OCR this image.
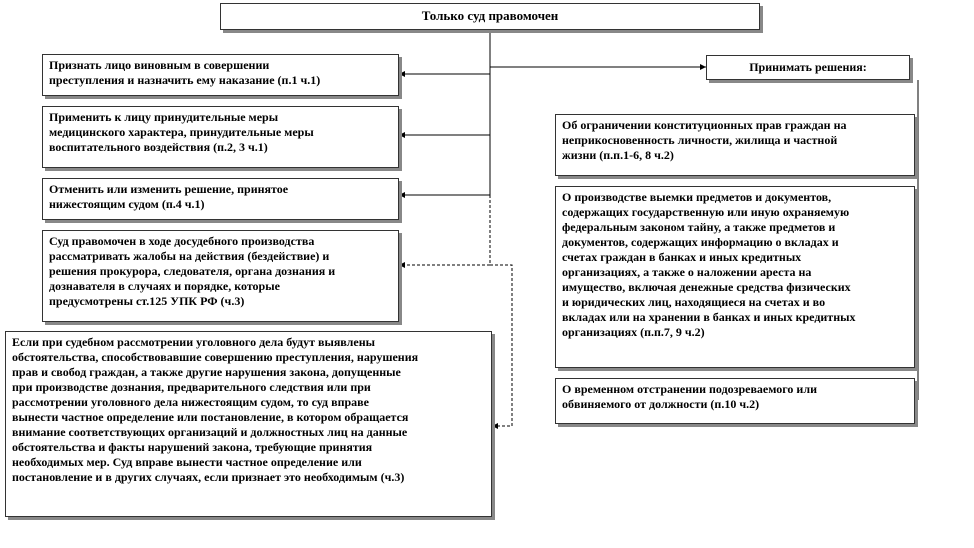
Только суд правомочен
Признать лицо виновным в совершении
преступления и назначить ему наказание (п.1 ч.1)
Применить к лицу принудительные меры
медицинского характера, принудительные меры
воспитательного воздействия (п.2, 3 ч.1)
Отменить или изменить решение, принятое
нижестоящим судом (п.4 ч.1)
Суд правомочен в ходе досудебного производства
рассматривать жалобы на действия (бездействие) и
решения прокурора, следователя, органа дознания и
дознавателя в случаях и порядке, которые
предусмотрены ст.125 УПК РФ (ч.3)
Если при судебном рассмотрении уголовного дела будут выявлены
обстоятельства, способствовавшие совершению преступления, нарушения
прав и свобод граждан, а также другие нарушения закона, допущенные
при производстве дознания, предварительного следствия или при
рассмотрении уголовного дела нижестоящим судом, то суд вправе
вынести частное определение или постановление, в котором обращается
внимание соответствующих организаций и должностных лиц на данные
обстоятельства и факты нарушений закона, требующие принятия
необходимых мер. Суд вправе вынести частное определение или
постановление и в других случаях, если признает это необходимым (ч.3)
Принимать решения:
Об ограничении конституционных прав граждан на
неприкосновенность личности, жилища и частной
жизни (п.п.1-6, 8 ч.2)
О производстве выемки предметов и документов,
содержащих государственную или иную охраняемую
федеральным законом тайну, а также предметов и
документов, содержащих информацию о вкладах и
счетах граждан в банках и иных кредитных
организациях, а также о наложении ареста на
имущество, включая денежные средства физических
и юридических лиц, находящиеся на счетах и во
вкладах или на хранении в банках и иных кредитных
организациях (п.п.7, 9 ч.2)
О временном отстранении подозреваемого или
обвиняемого от должности (п.10 ч.2)
